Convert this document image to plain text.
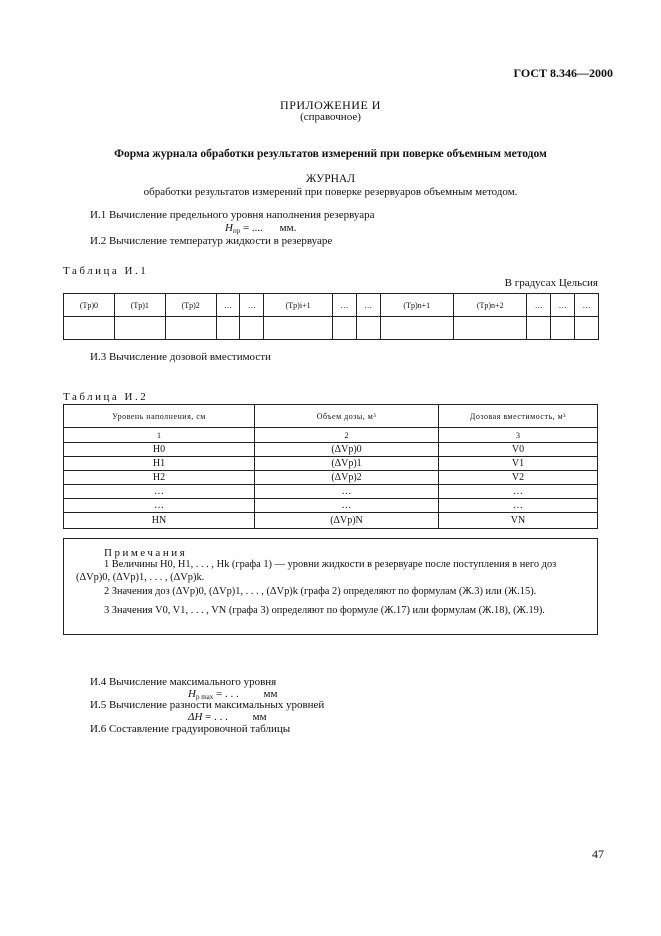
ГОСТ 8.346—2000
ПРИЛОЖЕНИЕ И
(справочное)
Форма журнала обработки результатов измерений при поверке объемным методом
ЖУРНАЛ
обработки результатов измерений при поверке резервуаров объемным методом.
И.1 Вычисление предельного уровня наполнения резервуара
$H_{пр}$ = .... мм.
И.2 Вычисление температур жидкости в резервуаре
Таблица И.1
В градусах Цельсия
(Tр)0	(Tр)1	(Tр)2	…	…	(Tр)i+1	…	…	(Tр)n+1	(Tр)n+2	…	…	…

И.3 Вычисление дозовой вместимости
Таблица И.2
Уровень наполнения, см	Объем дозы, м³	Дозовая вместимость, м³
1	2	3
H0	(ΔVр)0	V0
H1	(ΔVр)1	V1
H2	(ΔVр)2	V2
…	…	…
…	…	…
HN	(ΔVр)N	VN
Примечания
1 Величины H0, H1, . . . , Hk (графа 1) — уровни жидкости в резервуаре после поступления в него доз
(ΔVр)0, (ΔVр)1, . . . , (ΔVр)k.
2 Значения доз (ΔVр)0, (ΔVр)1, . . . , (ΔVр)k (графа 2) определяют по формулам (Ж.3) или (Ж.15).
3 Значения V0, V1, . . . , VN (графа 3) определяют по формуле (Ж.17) или формулам (Ж.18), (Ж.19).
И.4 Вычисление максимального уровня
$H_{р max}$ = . . . мм
И.5 Вычисление разности максимальных уровней
ΔH = . . . мм
И.6 Составление градуировочной таблицы
47
